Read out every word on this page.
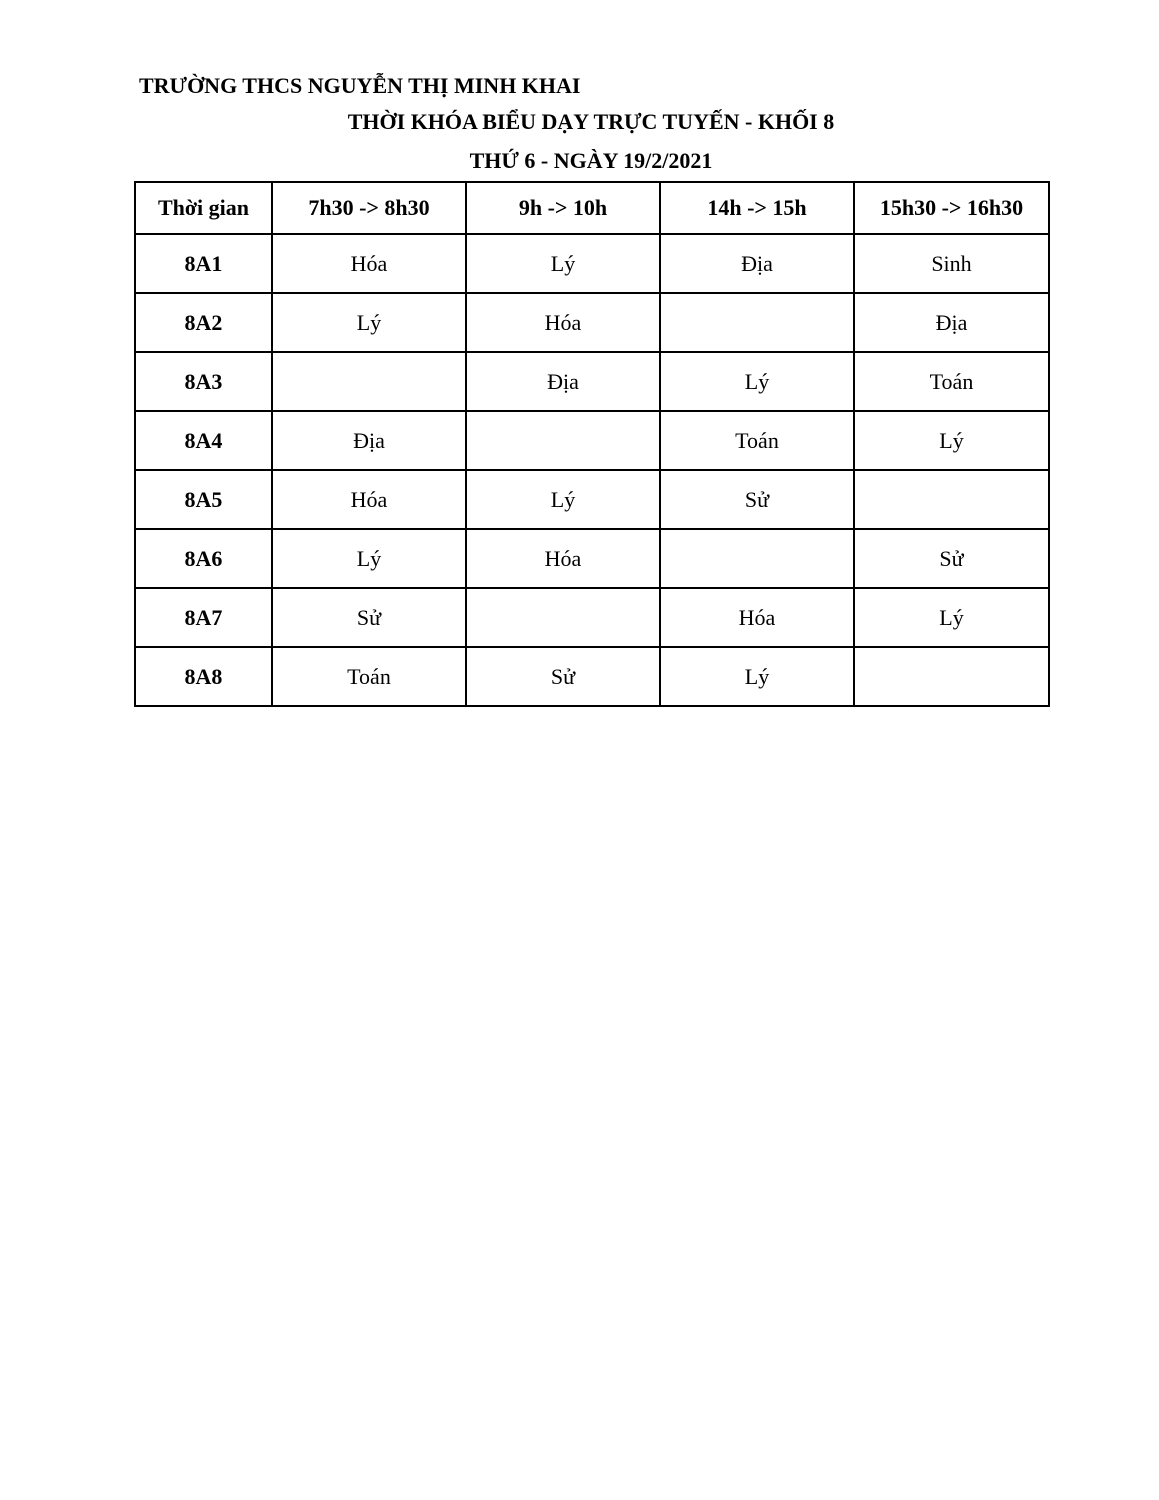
TRƯỜNG THCS NGUYỄN THỊ MINH KHAI
THỜI KHÓA BIỂU DẠY TRỰC TUYẾN - KHỐI 8
THỨ 6 - NGÀY 19/2/2021
Thời gian	7h30 -> 8h30	9h -> 10h	14h -> 15h	15h30 -> 16h30
8A1	Hóa	Lý	Địa	Sinh
8A2	Lý	Hóa		Địa
8A3		Địa	Lý	Toán
8A4	Địa		Toán	Lý
8A5	Hóa	Lý	Sử	
8A6	Lý	Hóa		Sử
8A7	Sử		Hóa	Lý
8A8	Toán	Sử	Lý	
